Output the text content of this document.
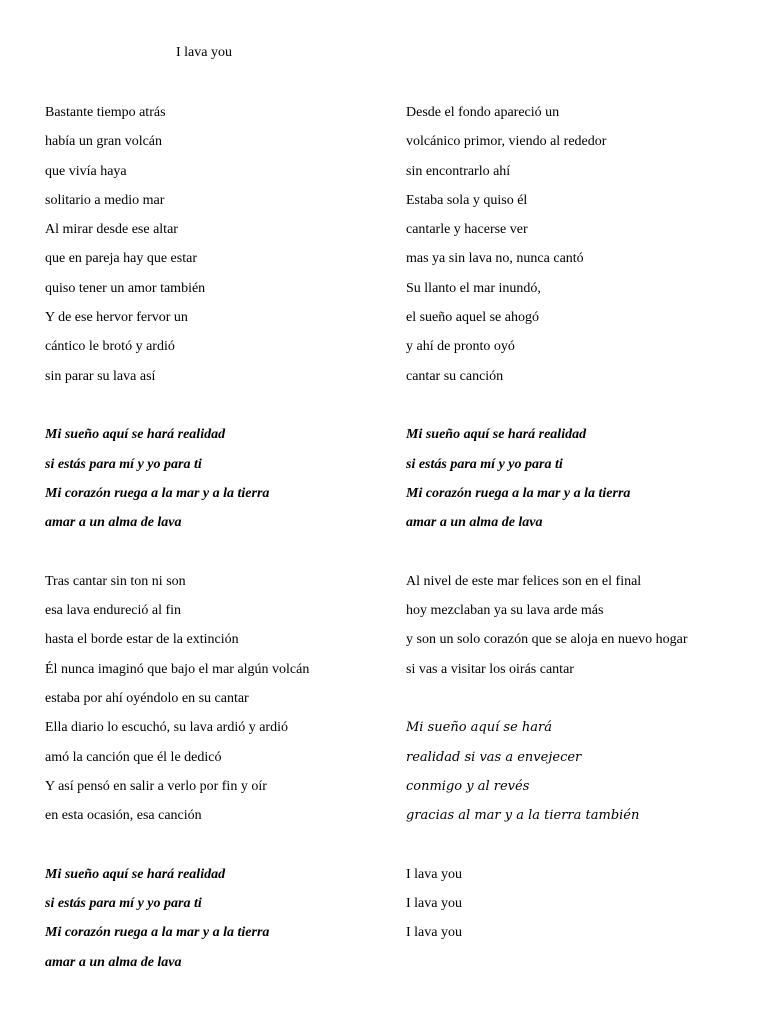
I lava you
Bastante tiempo atrás
había un gran volcán
que vivía haya
solitario a medio mar
Al mirar desde ese altar
que en pareja hay que estar
quiso tener un amor también
Y de ese hervor fervor un
cántico le brotó y ardió
sin parar su lava así
Mi sueño aquí se hará realidad
si estás para mí y yo para ti
Mi corazón ruega a la mar y a la tierra
amar a un alma de lava
Tras cantar sin ton ni son
esa lava endureció al fin
hasta el borde estar de la extinción
Él nunca imaginó que bajo el mar algún volcán
estaba por ahí oyéndolo en su cantar
Ella diario lo escuchó, su lava ardió y ardió
amó la canción que él le dedicó
Y así pensó en salir a verlo por fin y oír
en esta ocasión, esa canción
Mi sueño aquí se hará realidad
si estás para mí y yo para ti
Mi corazón ruega a la mar y a la tierra
amar a un alma de lava
Desde el fondo apareció un
volcánico primor, viendo al rededor
sin encontrarlo ahí
Estaba sola y quiso él
cantarle y hacerse ver
mas ya sin lava no, nunca cantó
Su llanto el mar inundó,
el sueño aquel se ahogó
y ahí de pronto oyó
cantar su canción
Mi sueño aquí se hará realidad
si estás para mí y yo para ti
Mi corazón ruega a la mar y a la tierra
amar a un alma de lava
Al nivel de este mar felices son en el final
hoy mezclaban ya su lava arde más
y son un solo corazón que se aloja en nuevo hogar
si vas a visitar los oirás cantar
Mi sueño aquí se hará
realidad si vas a envejecer
conmigo y al revés
gracias al mar y a la tierra también
I lava you
I lava you
I lava you
